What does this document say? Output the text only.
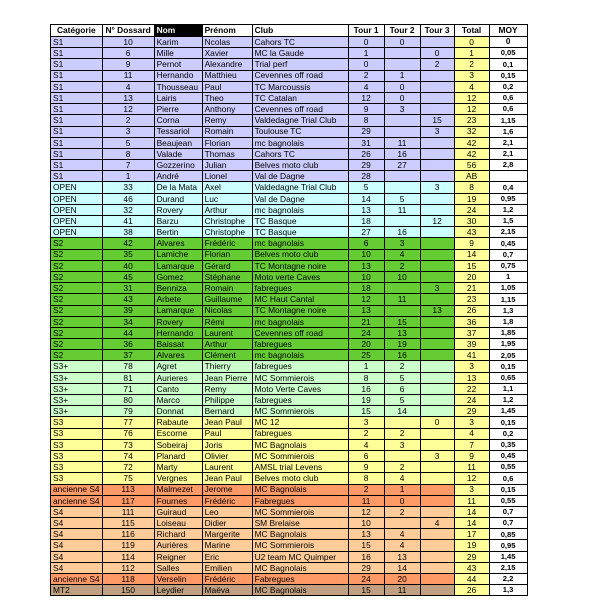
Catégorie	N° Dossard	Nom	Prénom	Club	Tour 1	Tour 2	Tour 3	Total	MOY
S1	10	Karim	Ncolas	Cahors TC	0	0		0	0
S1	6	Mille	Xavier	MC la Gaude	1		0	1	0,05
S1	9	Pernot	Alexandre	Trial perf	0		2	2	0,1
S1	11	Hernando	Matthieu	Cevennes off road	2	1		3	0,15
S1	4	Thousseau	Paul	TC Marcoussis	4	0		4	0,2
S1	13	Lairis	Theo	TC Catalan	12	0		12	0,6
S1	12	Pierre	Anthony	Cevennes off road	9	3		12	0,6
S1	2	Corna	Remy	Valdedagne Trial Club	8		15	23	1,15
S1	3	Tessariol	Romain	Toulouse TC	29		3	32	1,6
S1	5	Beaujean	Florian	mc bagnolais	31	11		42	2,1
S1	8	Valade	Thomas	Cahors TC	26	16		42	2,1
S1	7	Gozzerino	Julian	Belves moto club	29	27		56	2,8
S1	1	André	Lionel	Val de Dagne	28			AB	
OPEN	33	De la Mata	Axel	Valdedagne Trial Club	5		3	8	0,4
OPEN	46	Durand	Luc	Val de Dagne	14	5		19	0,95
OPEN	32	Rovery	Arthur	mc bagnolais	13	11		24	1,2
OPEN	41	Barzu	Christophe	TC Basque	18		12	30	1,5
OPEN	38	Bertin	Christophe	TC Basque	27	16		43	2,15
S2	42	Alvares	Frédéric	mc bagnolais	6	3		9	0,45
S2	35	Lamiche	Florian	Belves moto club	10	4		14	0,7
S2	40	Lamarque	Gérard	TC Montagne noire	13	2		15	0,75
S2	45	Gomez	Stéphane	Moto verte Caves	10	10		20	1
S2	31	Benniza	Romain	fabregues	18		3	21	1,05
S2	43	Arbete	Guillaume	MC Haut Cantal	12	11		23	1,15
S2	39	Lamarque	Nicolas	TC Montagne noire	13		13	26	1,3
S2	34	Rovery	Rémi	mc bagnolais	21	15		36	1,8
S2	44	Hernando	Laurent	Cevennes off road	24	13		37	1,85
S2	36	Baissat	Arthur	fabregues	20	19		39	1,95
S2	37	Alvares	Clément	mc bagnolais	25	16		41	2,05
S3+	78	Agret	Thierry	fabregues	1	2		3	0,15
S3+	81	Aurieres	Jean Pierre	MC Sommierois	8	5		13	0,65
S3+	71	Canto	Remy	Moto Verte Caves	16	6		22	1,1
S3+	80	Marco	Philippe	fabregues	19	5		24	1,2
S3+	79	Donnat	Bernard	MC Sommierois	15	14		29	1,45
S3	77	Rabaute	Jean Paul	MC 12	3		0	3	0,15
S3	76	Escorne	Paul	fabregues	2	2		4	0,2
S3	73	Sobeiraj	Joris	MC Bagnolais	4	3		7	0,35
S3	74	Planard	Olivier	MC Sommierois	6		3	9	0,45
S3	72	Marty	Laurent	AMSL trial Levens	9	2		11	0,55
S3	75	Vergnes	Jean Paul	Belves moto club	8	4		12	0,6
ancienne S4	113	Malmezet	Jerome	MC Bagnolais	2	1		3	0,15
ancienne S4	117	Fournes	Frédéric	Fabregues	11	0		11	0,55
S4	111	Guiraud	Leo	MC Sommierois	12	2		14	0,7
S4	115	Loiseau	Didier	SM Brelaise	10		4	14	0,7
S4	116	Richard	Margerite	MC Bagnolais	13	4		17	0,85
S4	119	Aurières	Marine	MC Sommierois	15	4		19	0,95
S4	114	Reigner	Eric	U2 team MC Quimper	16	13		29	1,45
S4	112	Salles	Emilien	MC Bagnolais	29	14		43	2,15
ancienne S4	118	Verselin	Frédéric	Fabregues	24	20		44	2,2
MT2	150	Leydier	Maëva	MC Bagnolais	15	11		26	1,3
